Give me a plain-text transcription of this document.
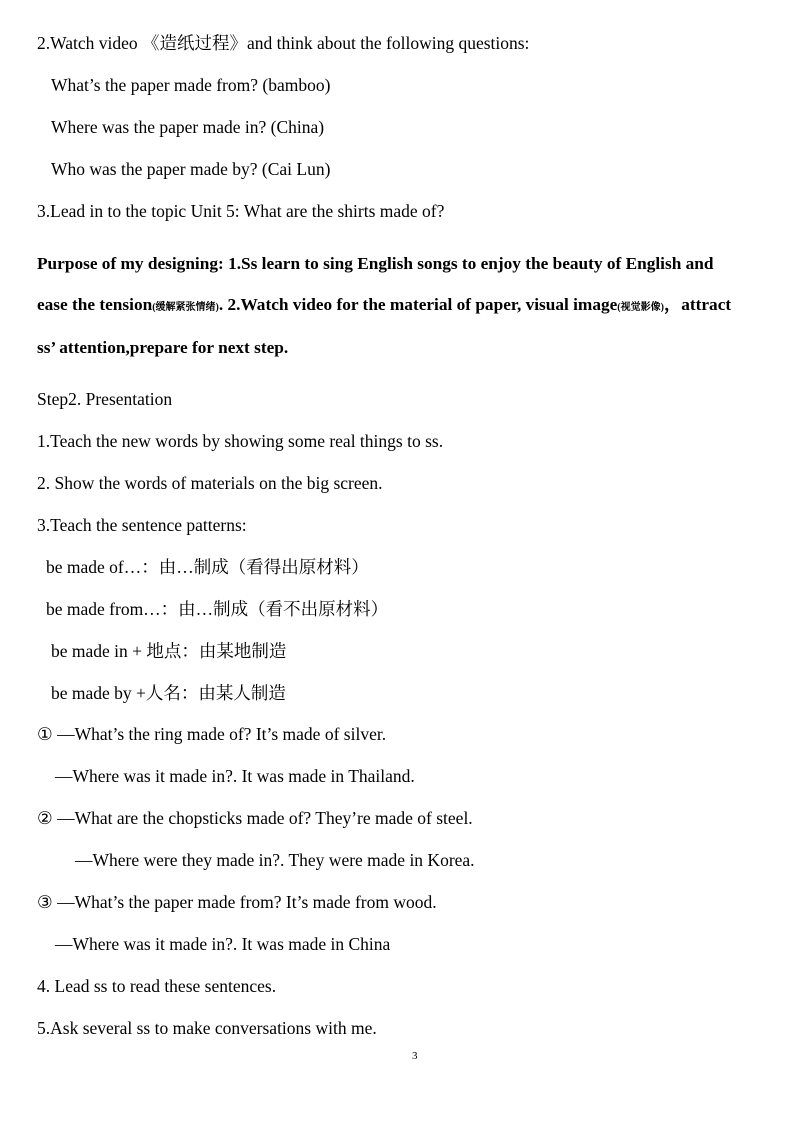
2.Watch video 《造纸过程》and think about the following questions:
What’s the paper made from? (bamboo)
Where was the paper made in? (China)
Who was the paper made by? (Cai Lun)
3.Lead in to the topic Unit 5: What are the shirts made of?
Purpose of my designing: 1.Ss learn to sing English songs to enjoy the beauty of English and
ease the tension(缓解紧张情绪). 2.Watch video for the material of paper, visual image(视觉影像)，attract
ss’ attention,prepare for next step.
Step2. Presentation
1.Teach the new words by showing some real things to ss.
2. Show the words of materials on the big screen.
3.Teach the sentence patterns:
be made of…：由…制成（看得出原材料）
be made from…：由…制成（看不出原材料）
be made in + 地点：由某地制造
be made by +人名：由某人制造
① —What’s the ring made of? It’s made of silver.
—Where was it made in?. It was made in Thailand.
② —What are the chopsticks made of? They’re made of steel.
—Where were they made in?. They were made in Korea.
③ —What’s the paper made from? It’s made from wood.
—Where was it made in?. It was made in China
4. Lead ss to read these sentences.
5.Ask several ss to make conversations with me.
3
